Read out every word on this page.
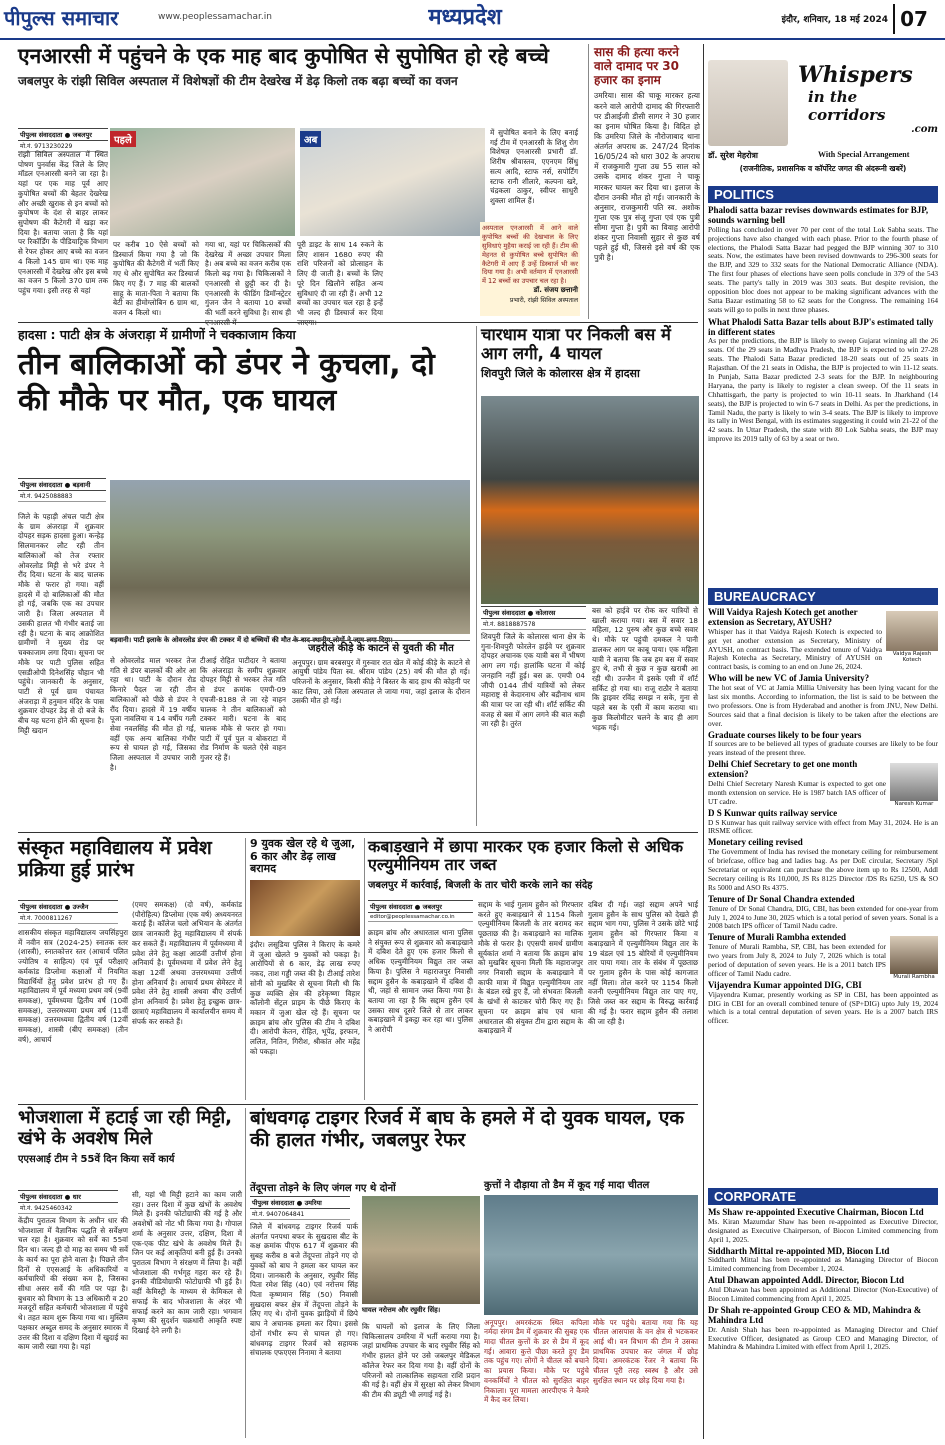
पीपुल्स समाचार	www.peoplessamachar.in	मध्यप्रदेश	इंदौर, शनिवार, 18 मई 2024 07
एनआरसी में पहुंचने के एक माह बाद कुपोषित से सुपोषित हो रहे बच्चे
जबलपुर के रांझी सिविल अस्पताल में विशेषज्ञों की टीम देखरेख में डेढ़ किलो तक बढ़ा बच्चों का वजन
पीपुल्स संवाददाता ● जबलपुर
मो.नं. 9713230229
पहले	अब
रांझी सिविल अस्पताल में स्थित पोषण पुनर्वास केंद्र जिले के लिए मॉडल एनआरसी बनने जा रहा है। यहां पर एक माह पूर्व आए कुपोषित बच्चों की बेहतर देखरेख और अच्छी खुराक से इन बच्चों को कुपोषण के दंश से बाहर लाकर सुपोषण की कैटेगरी में खड़ा कर दिया है। बताया जाता है कि यहां पर रिकॉर्डिंग के पीडियाट्रिक विभाग से रेफर होकर आए बच्चे का वजन 4 किलो 145 ग्राम था। एक माह एनआरसी में देखरेख और इस बच्चे का वजन 5 किलो 370 ग्राम तक पहुंच गया। इसी तरह से यहां
पर करीब 10 ऐसे बच्चों को डिस्चार्ज किया गया है जो कि कुपोषित की कैटेगरी में भर्ती किए गए थे और सुपोषित कर डिस्चार्ज किए गए हैं। 7 माह की बालकों साहू के माता-पिता ने बताया कि बेटी का हीमोग्लोबिन 6 ग्राम था, वजन 4 किलो था।
गया था, यहां पर चिकित्सकों की देखरेख में अच्छा उपचार मिला है। अब बच्चे का वजन करीब एक किलो बढ़ गया है। चिकित्सकों ने एनआरसी से छुट्टी कर दी है। एनआरसी के फीडिंग डिमॉन्स्ट्रेटर गुंजन जैन ने बताया 10 बच्चों की भर्ती करने सुविधा है। साथ ही
पूरी डाइट के साथ 14 रुकने के लिए शासन 1680 रुपए की राशि परिजनों को प्रोत्साहन के लिए दी जाती है। बच्चों के लिए पूरे दिन खिलौने सहित अन्य सुविधाएं दी जा रही हैं। अभी 12 बच्चों का उपचार चल रहा है इन्हें भी जल्द ही डिस्चार्ज कर दिया
में सुपोषित बनाने के लिए बनाई गई टीम में एनआरसी के शिशु रोग विशेषज्ञ एनआरसी प्रभारी डॉ. शिरीष श्रीवास्तव, एएनएम सिंधु सत्य आदि, स्टाफ नर्स, सपोर्टिंग स्टाफ रानी शीलारे, कल्पना खरे, चंद्रकला ठाकुर, स्वीपर साधुरी शुक्ला शामिल हैं।
अस्पताल एनआरसी में आने वाले कुपोषित बच्चों की देखभाल के लिए सुविधाएं मुहैया कराई जा रही हैं। टीम की मेहनत से कुपोषित बच्चे सुपोषित की कैटेगरी में आए हैं उन्हें डिस्चार्ज भी कर दिया गया है। अभी वर्तमान में एनआरसी में 12 बच्चों का उपचार चल रहा है।
डॉ. संजय छत्तानी
प्रभारी, रांझी सिविल अस्पताल
सास की हत्या करने वाले दामाद पर 30 हजार का इनाम
उमरिया। सास की चाकू मारकर हत्या करने वाले आरोपी दामाद की गिरफ्तारी पर डीआईजी डीसी सागर ने 30 हजार का इनाम घोषित किया है। विदित हो कि उमरिया जिले के नौरोजाबाद थाना अंतर्गत अपराध क्र. 247/24 दिनांक 16/05/24 को धारा 302 के अपराध में राजकुमारी गुप्ता उम्र 55 साल को उसके दामाद शंकर गुप्ता ने चाकू मारकर घायल कर दिया था। इलाज के दौरान उनकी मौत हो गई। जानकारी के अनुसार, राजकुमारी पति स्व. अशोक गुप्ता एक पुत्र संजू गुप्ता एवं एक पुत्री सीमा गुप्ता है। पुत्री का विवाह आरोपी शंकर गुप्ता निवासी सुहार से कुछ वर्ष पहले हुई थी, जिससे इसे वर्ष की एक पुत्री है।
Whispers
in the corridors
.com
डॉ. सुरेश मेहरोत्रा	With Special Arrangement
(राजनीतिक, प्रशासनिक व कॉर्पोरेट जगत की अंदरूनी खबरें)
POLITICS
Phalodi satta bazar revises downwards estimates for BJP, sounds warning bell
Polling has concluded in over 70 per cent of the total Lok Sabha seats. The projections have also changed with each phase. Prior to the fourth phase of elections, the Phalodi Satta Bazar had pegged the BJP winning 307 to 310 seats. Now, the estimates have been revised downwards to 296-300 seats for the BJP, and 329 to 332 seats for the National Democratic Alliance (NDA). The first four phases of elections have seen polls conclude in 379 of the 543 seats. The party's tally in 2019 was 303 seats. But despite revision, the opposition bloc does not appear to be making significant advances with the Satta Bazar estimating 58 to 62 seats for the Congress. The remaining 164 seats will go to polls in next three phases.
What Phalodi Satta Bazar tells about BJP's estimated tally in different states
As per the predictions, the BJP is likely to sweep Gujarat winning all the 26 seats. Of the 29 seats in Madhya Pradesh, the BJP is expected to win 27-28 seats. The Phalodi Satta Bazar predicted 18-20 seats out of 25 seats in Rajasthan. Of the 21 seats in Odisha, the BJP is projected to win 11-12 seats. In Punjab, Satta Bazar predicted 2-3 seats for the BJP. In neighbouring Haryana, the party is likely to register a clean sweep. Of the 11 seats in Chhattisgarh, the party is projected to win 10-11 seats. In Jharkhand (14 seats), the BJP is projected to win 6-7 seats in Delhi. As per the predictions, in Tamil Nadu, the party is likely to win 3-4 seats. The BJP is likely to improve its tally in West Bengal, with its estimates suggesting it could win 21-22 of the 42 seats. In Uttar Pradesh, the state with 80 Lok Sabha seats, the BJP may improve its 2019 tally of 63 by a seat or two.
BUREAUCRACY
Vaidya Rajesh Kotech
Will Vaidya Rajesh Kotech get another extension as Secretary, AYUSH?
Whisper has it that Vaidya Rajesh Kotech is expected to get yet another extension as Secretary, Ministry of AYUSH, on contract basis. The extended tenure of Vaidya Rajesh Kotecha as Secretary, Ministry of AYUSH on contract basis, is coming to an end on June 26, 2024.
Who will be new VC of Jamia University?
The hot seat of VC at Jamia Millia University has been lying vacant for the last six months. According to information, the list is said to be between the two professors. One is from Hyderabad and another is from JNU, New Delhi. Sources said that a final decision is likely to be taken after the elections are over.
Graduate courses likely to be four years
If sources are to be believed all types of graduate courses are likely to be four years instead of the present three.
Naresh Kumar
Delhi Chief Secretary to get one month extension?
Delhi Chief Secretary Naresh Kumar is expected to get one month extension on service. He is 1987 batch IAS officer of UT cadre.
D S Kunwar quits railway service
D S Kunwar has quit railway service with effect from May 31, 2024. He is an IRSME officer.
Monetary ceiling revised
The Government of India has revised the monetary ceiling for reimbursement of briefcase, office bag and ladies bag. As per DoE circular, Secretary /Spl Secretariat or equivalent can purchase the above item up to Rs 12500, Addl Secretary ceiling is Rs 10,000, JS Rs 8125 Director /DS Rs 6250, US & SO Rs 5000 and ASO Rs 4375.
Tenure of Dr Sonal Chandra extended
Tenure of Dr Sonal Chandra, DIG, CBI, has been extended for one-year from July 1, 2024 to June 30, 2025 which is a total period of seven years. Sonal is a 2008 batch IPS officer of Tamil Nadu cadre.
Murali Rambha
Tenure of Murali Rambha extended
Tenure of Murali Rambha, SP, CBI, has been extended for two years from July 8, 2024 to July 7, 2026 which is total period of deputation of seven years. He is a 2011 batch IPS officer of Tamil Nadu cadre.
Vijayendra Kumar appointed DIG, CBI
Vijayendra Kumar, presently working as SP in CBI, has been appointed as DIG in CBI for an overall combined tenure of (SP+DIG) upto July 19, 2024 which is a total central deputation of seven years. He is a 2007 batch IRS officer.
CORPORATE
Ms Shaw re-appointed Executive Chairman, Biocon Ltd
Ms. Kiran Mazumdar Shaw has been re-appointed as Executive Director, designated as Executive Chairperson, of Biocon Limited commencing from April 1, 2025.
Siddharth Mittal re-appointed MD, Biocon Ltd
Siddharth Mittal has been re-appointed as Managing Director of Biocon Limited commencing from December 1, 2024.
Atul Dhawan appointed Addl. Director, Biocon Ltd
Atul Dhawan has been appointed as Additional Director (Non-Executive) of Biocon Limited commencing from April 1, 2025.
Dr Shah re-appointed Group CEO & MD, Mahindra & Mahindra Ltd
Dr. Anish Shah has been re-appointed as Managing Director and Chief Executive Officer, designated as Group CEO and Managing Director, of Mahindra & Mahindra Limited with effect from April 1, 2025.
हादसा : पाटी क्षेत्र के अंजराड़ा में ग्रामीणों ने चक्काजाम किया
तीन बालिकाओं को डंपर ने कुचला, दो की मौके पर मौत, एक घायल
पीपुल्स संवाददाता ● बड़वानी
मो.नं. 9425088883
जिले के पहाड़ी अंचल पाटी क्षेत्र के ग्राम अंजराड़ा में शुक्रवार दोपहर सड़क हादसा हुआ। कन्हेड़ सिलमानकर लौट रही तीन बालिकाओं को तेज रफ्तार ओवरलोड मिट्टी से भरे डंपर ने रौंद दिया। घटना के बाद चालक मौके से फरार हो गया। वहीं हादसे में दो बालिकाओं की मौत हो गई, जबकि एक का उपचार जारी है। जिला अस्पताल में उसकी हालत भी गंभीर बताई जा रही है। घटना के बाद आक्रोशित ग्रामीणों ने मुख्य रोड पर चक्काजाम लगा दिया। सूचना पर मौके पर पाटी पुलिस सहित एसडीओपी दिनेशसिंह चौहान भी पहुंचे। जानकारी के अनुसार, पाटी से पूर्व ग्राम पंचायत अंजराड़ा में हनुमान मंदिर के पास शुक्रवार दोपहर डेढ़ से दो बजे के बीच यह घटना होने की सूचना है। मिट्टी खदान
बड़वानी। पाटी इलाके के ओवरलोड डंपर की टक्कर में दो बच्चियों की मौत के बाद स्थानीय लोगों ने जाम लगा दिया।
से ओवरलोड माल भरकर तेज गति से डंपर बालकों की ओर आ रहा था। पाटी के दौरान रोड किनारे पैदल जा रही तीन बालिकाओं को पीछे से डंपर ने रौंद दिया। हादसे में 19 वर्षीय पूजा नावलिया व 14 वर्षीय गली सेवा नवलसिंह की मौत हो गई, वहीं एक अन्य बालिका गंभीर रूप से घायल हो गई, जिसका जिला अस्पताल में उपचार जारी है।
टीआई रोहित पाटीदार ने बताया कि अंजराड़ा के समीप शुक्रवार दोपहर मिट्टी से भरकर तेज गति से डंपर क्रमांक एमपी-09 एचजी-8188 ले जा रहे वाहन चालक ने तीन बालिकाओं को टक्कर मारी। घटना के बाद चालक मौके से फरार हो गया। पाटी में पूर्व पुल व बोकराटा में रोड निर्माण के चलते ऐसे वाहन गुजर रहे हैं।
जहरीले कीड़े के काटने से युवती की मौत
अनूपपुर। ग्राम बरबसपुर में गुरुवार रात खेत में कोई कीड़े के काटने से आयुषी पांडेय पिता स्व. श्रीराम पांडेय (25) वर्ष की मौत हो गई। परिजनों के अनुसार, किसी कीड़े ने बिस्तर के बाद हाथ की कोहनी पर काट लिया, उसे जिला अस्पताल ले जाया गया, जहां इलाज के दौरान उसकी मौत हो गई।
चारधाम यात्रा पर निकली बस में आग लगी, 4 घायल
शिवपुरी जिले के कोलारस क्षेत्र में हादसा
पीपुल्स संवाददाता ● कोलारस
मो.नं. 8818887578
शिवपुरी जिले के कोलारस थाना क्षेत्र के गुना-शिवपुरी फोरलेन हाईवे पर शुक्रवार दोपहर अचानक एक यात्री बस में भीषण आग लग गई। हालांकि घटना में कोई जनहानि नहीं हुई। बस क्र. एमपी 04 जीपी 0144 तीर्थ यात्रियों को लेकर महाराष्ट्र से केदारनाथ और बद्रीनाथ धाम की यात्रा पर जा रही थी। शॉर्ट सर्किट की वजह से बस में आग लगने की बात कही जा रही है। तुरंत
बस को हाईवे पर रोक कर यात्रियों से खाली कराया गया। बस में सवार 18 महिला, 12 पुरुष और कुछ बच्चे सवार थे। मौके पर पहुंची दमकल ने पानी डालकर आग पर काबू पाया। एक महिला यात्री ने बताया कि जब हम बस में सवार हुए थे, तभी से कुछ न कुछ खराबी आ रही थी। उज्जैन में इसके एसी में शॉर्ट सर्किट हो गया था। राजू राठौर ने बताया कि ड्राइवर रविंद्र समझ न सके, गुना से पहले बस के एसी में काम कराया था। कुछ किलोमीटर चलने के बाद ही आग भड़क गई।
संस्कृत महाविद्यालय में प्रवेश प्रक्रिया हुई प्रारंभ
पीपुल्स संवाददाता ● उज्जैन
मो.नं. 7000811267
शासकीय संस्कृत महाविद्यालय जयसिंहपुरा में नवीन सत्र (2024-25) स्नातक स्तर (शास्त्री), स्नातकोत्तर स्तर (आचार्य पलित ज्योतिष व साहित्य) एवं पूर्व परीक्षाएं कर्मकांड डिप्लोमा कक्षाओं में नियमित विद्यार्थियों हेतु प्रवेश प्रारंभ हो गए हैं। महाविद्यालय में पूर्व मध्यमा प्रथम वर्ष (9वीं समकक्ष), पूर्वमध्यमा द्वितीय वर्ष (10वीं समकक्ष), उत्तरमध्यमा प्रथम वर्ष (11वीं समकक्ष) उत्तरमध्यमा द्वितीय वर्ष (12वीं समकक्ष), शास्त्री (बीए समकक्ष) (तीन वर्ष), आचार्य
(एमए समकक्ष) (दो वर्ष), कर्मकांड (पौरोहित्य) डिप्लोमा (एक वर्ष) अध्ययनरत कराई हैं। कॉलेज चलो अभियान के अंतर्गत छात्र जानकारी हेतु महाविद्यालय में संपर्क कर सकते हैं। महाविद्यालय में पूर्वमध्यमा में प्रवेश लेने हेतु कक्षा आठवीं उत्तीर्ण होना अनिवार्य है। पूर्वमध्यमा में प्रवेश लेने हेतु कक्षा 12वीं अथवा उत्तरमध्यमा उत्तीर्ण होना अनिवार्य है। आचार्य प्रथम सेमेस्टर में प्रवेश लेने हेतु शास्त्री अथवा बीए उत्तीर्ण होना अनिवार्य है। प्रवेश हेतु इच्छुक छात्र-छात्राएं महाविद्यालय में कार्यालयीन समय में संपर्क कर सकते हैं।
9 युवक खेल रहे थे जुआ, 6 कार और डेढ़ लाख बरामद
इंदौर। लसूडिया पुलिस ने किराए के कमरे में जुआ खेलते 9 युवकों को पकड़ा है। आरोपियों से 6 कार, डेढ़ लाख रुपए नकद, ताश गड्डी जब्त की है। टीआई तारेश सोनी को मुखबिर से सूचना मिली थी कि कुछ व्यक्ति क्षेत्र की हरेकृष्णा विहार कॉलोनी सेंट्रल प्राइम के पीछे किराए के मकान में जुआ खेल रहे हैं। सूचना पर क्राइम ब्रांच और पुलिस की टीम ने दबिश दी। आरोपी केतन, रोहित, भूपेंद्र, इरफान, ललित, नितिन, गिरीश, श्रीकांत और महेंद्र को पकड़ा।
कबाड़खाने में छापा मारकर एक हजार किलो से अधिक एल्युमीनियम तार जब्त
जबलपुर में कार्रवाई, बिजली के तार चोरी करके लाने का संदेह
पीपुल्स संवाददाता ● जबलपुर
editor@peoplessamachar.co.in
क्राइम ब्रांच और अधारताल थाना पुलिस ने संयुक्त रूप से शुक्रवार को कबाड़खाने में दबिश देते हुए एक हजार किलो से अधिक एल्युमीनियम विद्युत तार जब्त किया है। पुलिस ने महाराजपुर निवासी सद्दाम हुसैन के कबाड़खाने में दबिश दी थी, जहां से सामान जब्त किया गया है। बताया जा रहा है कि सद्दाम हुसैन एवं उसका साथ दूसरे जिले से तार लाकर कबाड़खाने में इकट्ठा कर रहा था। पुलिस ने आरोपी
सद्दाम के भाई गुलाम हुसैन को गिरफ्तार करते हुए कबाड़खाने से 1154 किलो एल्युमीनियम बिजली के तार बरामद कर पूछताछ की है। कबाड़खाने का मालिक मौके से फरार है। एएसपी समर्थ ग्रामीण सूर्यकांत शर्मा ने बताया कि क्राइम ब्रांच को मुखबिर सूचना मिली कि महाराजपुर नगर निवासी सद्दाम के कबाड़खाने में काफी मात्रा में विद्युत एल्युमीनियम तार के बंडल रखे हुए हैं, जो संभवतः बिजली के खंभों से काटकर चोरी किए गए हैं। सूचना पर क्राइम ब्रांच एवं थाना अधारताल की संयुक्त टीम द्वारा सद्दाम के कबाड़खाने में
दबिश दी गई। जहां सद्दाम अपने भाई गुलाम हुसैन के साथ पुलिस को देखते ही सद्दाम भाग गया, पुलिस ने उसके छोटे भाई गुलाम हुसैन को गिरफ्तार किया व कबाड़खाने में एल्युमीनियम विद्युत तार के 19 बंडल एवं 15 बोरियों में एल्युमीनियम तार पाया गया। तार के संबंध में पूछताछ पर गुलाम हुसैन के पास कोई कागजात नहीं मिला। तोल करने पर 1154 किलो वजनी एल्युमीनियम विद्युत तार पाए गए, जिसे जब्त कर सद्दाम के विरुद्ध कार्रवाई की गई है। फरार सद्दाम हुसैन की तलाश की जा रही है।
भोजशाला में हटाई जा रही मिट्टी, खंभे के अवशेष मिले
एएसआई टीम ने 55वें दिन किया सर्वे कार्य
पीपुल्स संवाददाता ● धार
मो.नं. 9425460342
केंद्रीय पुरातत्व विभाग के अधीन धार की भोजशाला में वैज्ञानिक पद्धति से सर्वेक्षण चल रहा है। शुक्रवार को सर्वे का 55वां दिन था। जल्द ही दो माह का समय भी सर्वे के कार्य का पूरा होने वाला है। पिछले तीन दिनों से एएसआई के अधिकारियों व कर्मचारियों की संख्या कम है, जिसका सीधा असर सर्वे की गति पर पड़ा है। बुधवार को विभाग के 13 अधिकारी व 20 मजदूरों सहित कर्मचारी भोजशाला में पहुंचे थे। तहत काम शुरू किया गया था। मुस्लिम पक्षकार अब्दुल समद के अनुसार स्मारक में उत्तर की दिशा व दक्षिण दिशा में खुदाई का काम जारी रखा गया है। यहां
सी, यहां भी मिट्टी हटाने का काम जारी रहा। उत्तर दिशा में कुछ खंभों के अवशेष मिले हैं। इनकी फोटोग्राफी की गई है और अवशेषों को नोट भी किया गया है। गोपाल शर्मा के अनुसार उत्तर, दक्षिण, दिशा में एक-एक फीट खंभे के अवशेष मिले हैं। जिन पर कई आकृतियां बनी हुई हैं। उनको पुरातत्व विभाग ने संरक्षण में लिया है। वहीं भोजशाला की गर्भगृह गहरा कर रहे हैं। इनकी वीडियोग्राफी फोटोग्राफी भी हुई है। वहीं केमिस्ट्री के माध्यम से केमिकल से सफाई के बाद भोजशाला के अंदर भी सफाई करने का काम जारी रहा। भगवान कृष्ण की सुदर्शन चक्रधारी आकृति स्पष्ट दिखाई देने लगी है।
बांधवगढ़ टाइगर रिजर्व में बाघ के हमले में दो युवक घायल, एक की हालत गंभीर, जबलपुर रेफर
तेंदूपत्ता तोड़ने के लिए जंगल गए थे दोनों
पीपुल्स संवाददाता ● उमरिया
मो.नं. 9407064841
जिले में बांधवगढ़ टाइगर रिजर्व पार्क अंतर्गत पनपथा बफर के सुखदास बीट के कक्ष क्रमांक पीएफ 617 में शुक्रवार की सुबह करीब 8 बजे तेंदूपत्ता तोड़ने गए दो युवकों को बाघ ने हमला कर घायल कर दिया। जानकारी के अनुसार, रघुवीर सिंह पिता रमेश सिंह (40) एवं नरोत्तम सिंह पिता कृष्णमान सिंह (50) निवासी सुखदास बफर क्षेत्र में तेंदूपत्ता तोड़ने के लिए गए थे। दोनों युवक झाड़ियों में छिपे बाघ ने अचानक हमला कर दिया। इससे दोनों गंभीर रूप से घायल हो गए। बांधवगढ़ टाइगर रिजर्व को सहायक संचालक एफएएस निनामा ने बताया
घायल नरोत्तम और रघुवीर सिंह।
कि घायलों को इलाज के लिए जिला चिकित्सालय उमरिया में भर्ती कराया गया है। जहां प्राथमिक उपचार के बाद रघुवीर सिंह को गंभीर हालत होने पर उसे जबलपुर मेडिकल कॉलेज रेफर कर दिया गया है। वहीं दोनों के परिजनों को तात्कालिक सहायता राशि प्रदान की गई है। वहीं क्षेत्र में सुरक्षा को लेकर विभाग की टीम की ड्यूटी भी लगाई गई है।
कुत्तों ने दौड़ाया तो डैम में कूद गई मादा चीतल
अनूपपुर। अमरकंटक स्थित कपिला नर्मदा संगम डैम में शुक्रवार की सुबह एक मादा चीतल कुत्तों के डर से डैम में कूद गई। आवारा कुत्ते पीछा करते हुए डैम तक पहुंच गए। लोगों ने चीतल को बचाने का प्रयास किया। मौके पर पहुंचे वनकर्मियों ने चीतल को सुरक्षित बाहर निकाला। पूरा मामला आरपीएफ ने कैमरे में कैद कर लिया।
मौके पर पहुंचे। बताया गया कि यह चीतल आसपास के वन क्षेत्र से भटककर आई थी। वन विभाग की टीम ने उसका प्राथमिक उपचार कर जंगल में छोड़ दिया। अमरकंटक रेंजर ने बताया कि चीतल पूरी तरह स्वस्थ है और उसे सुरक्षित स्थान पर छोड़ दिया गया है।
